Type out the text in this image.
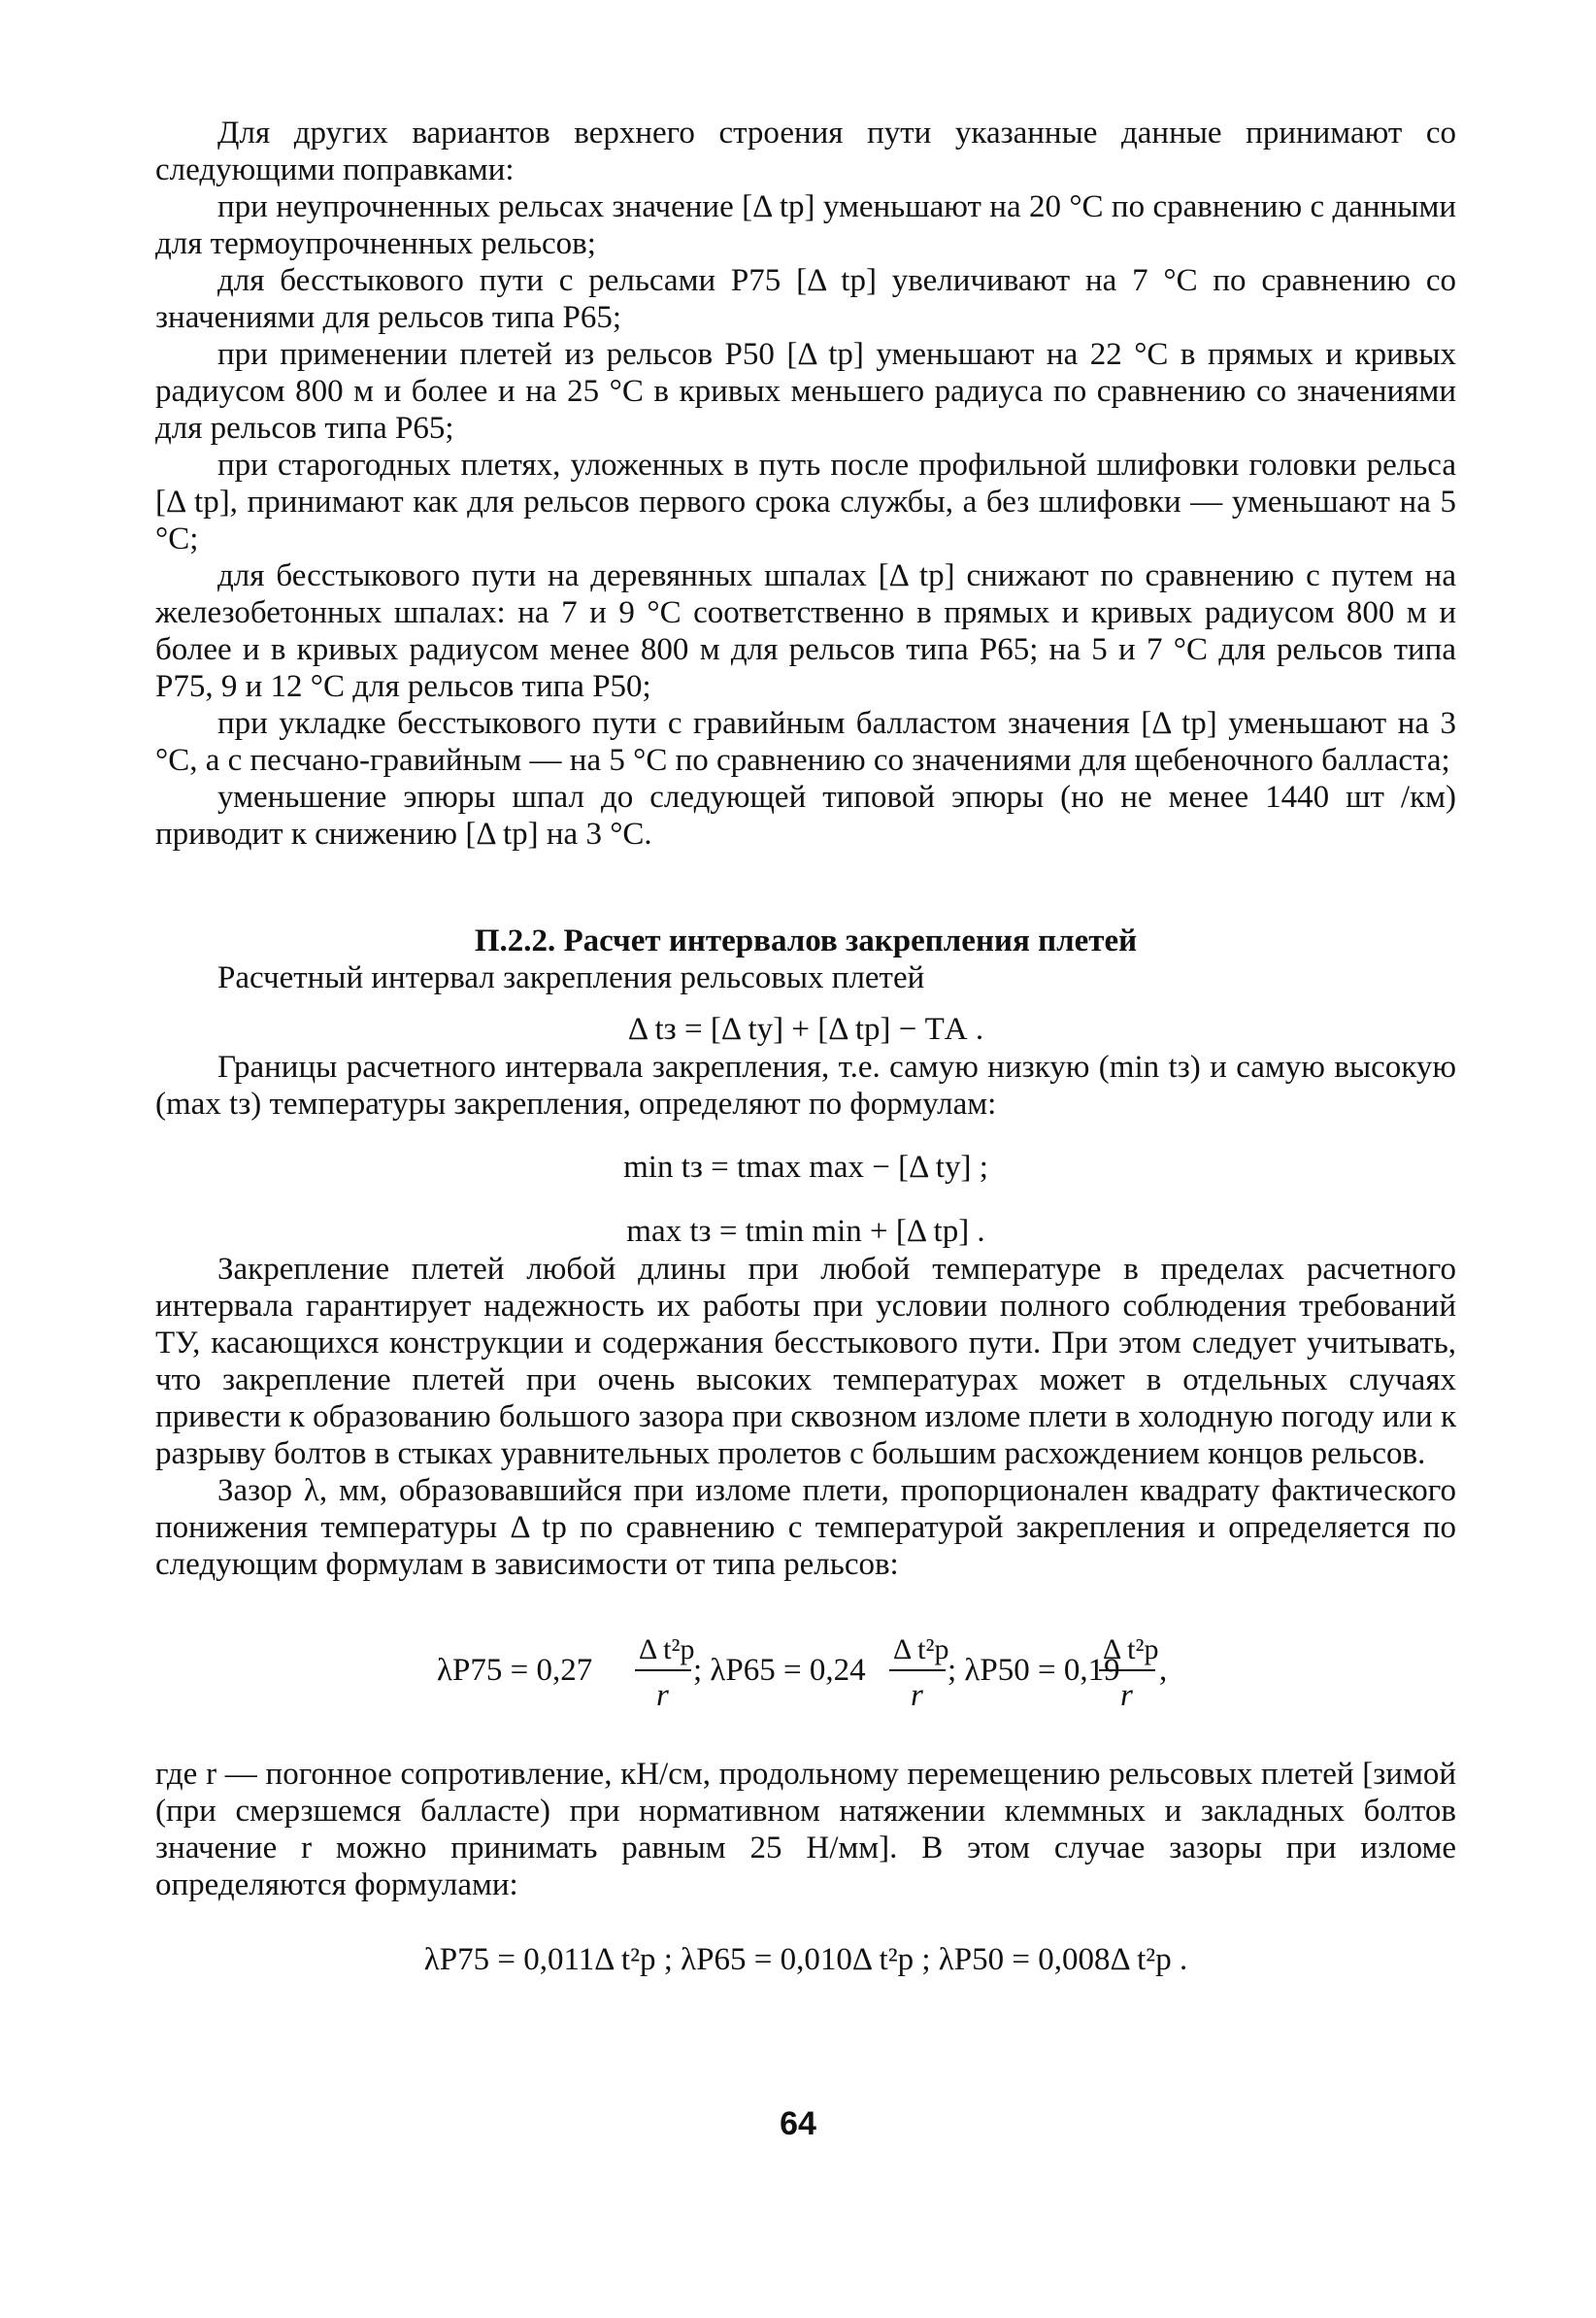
Для других вариантов верхнего строения пути указанные данные принимают со следующими поправками:

при неупрочненных рельсах значение [Δ tр] уменьшают на 20 °С по сравнению с данными для термоупрочненных рельсов;

для бесстыкового пути с рельсами Р75 [Δ tр] увеличивают на 7 °С по сравнению со значениями для рельсов типа Р65;

при применении плетей из рельсов Р50 [Δ tр] уменьшают на 22 °С в прямых и кривых радиусом 800 м и более и на 25 °С в кривых меньшего радиуса по сравнению со значениями для рельсов типа Р65;

при старогодных плетях, уложенных в путь после профильной шлифовки головки рельса [Δ tр], принимают как для рельсов первого срока службы, а без шлифовки — уменьшают на 5 °С;

для бесстыкового пути на деревянных шпалах [Δ tр] снижают по сравнению с путем на железобетонных шпалах: на 7 и 9 °С соответственно в прямых и кривых радиусом 800 м и более и в кривых радиусом менее 800 м для рельсов типа Р65; на 5 и 7 °С для рельсов типа Р75, 9 и 12 °С для рельсов типа Р50;

при укладке бесстыкового пути с гравийным балластом значения [Δ tр] уменьшают на 3 °С, а с песчано-гравийным — на 5 °С по сравнению со значениями для щебеночного балласта;

уменьшение эпюры шпал до следующей типовой эпюры (но не менее 1440 шт /км) приводит к снижению [Δ tр] на 3 °С.

П.2.2. Расчет интервалов закрепления плетей

Расчетный интервал закрепления рельсовых плетей

Δ tз = [Δ tу] + [Δ tр] − TА .

Границы расчетного интервала закрепления, т.е. самую низкую (min tз) и самую высокую (max tз) температуры закрепления, определяют по формулам:

min tз = tmax max − [Δ tу] ;
max tз = tmin min + [Δ tр] .

Закрепление плетей любой длины при любой температуре в пределах расчетного интервала гарантирует надежность их работы при условии полного соблюдения требований ТУ, касающихся конструкции и содержания бесстыкового пути. При этом следует учитывать, что закрепление плетей при очень высоких температурах может в отдельных случаях привести к образованию большого зазора при сквозном изломе плети в холодную погоду или к разрыву болтов в стыках уравнительных пролетов с большим расхождением концов рельсов.

Зазор λ, мм, образовавшийся при изломе плети, пропорционален квадрату фактического понижения температуры Δ tр по сравнению с температурой закрепления и определяется по следующим формулам в зависимости от типа рельсов:

λP75 = 0,27
Δ t²р
r
; λP65 = 0,24
Δ t²р
r
; λP50 = 0,19
Δ t²р
r
,

где r — погонное сопротивление, кН/см, продольному перемещению рельсовых плетей [зимой (при смерзшемся балласте) при нормативном натяжении клеммных и закладных болтов значение r можно принимать равным 25 Н/мм]. В этом случае зазоры при изломе определяются формулами:

λP75 = 0,011Δ t²р ; λP65 = 0,010Δ t²р ; λP50 = 0,008Δ t²р .
64
